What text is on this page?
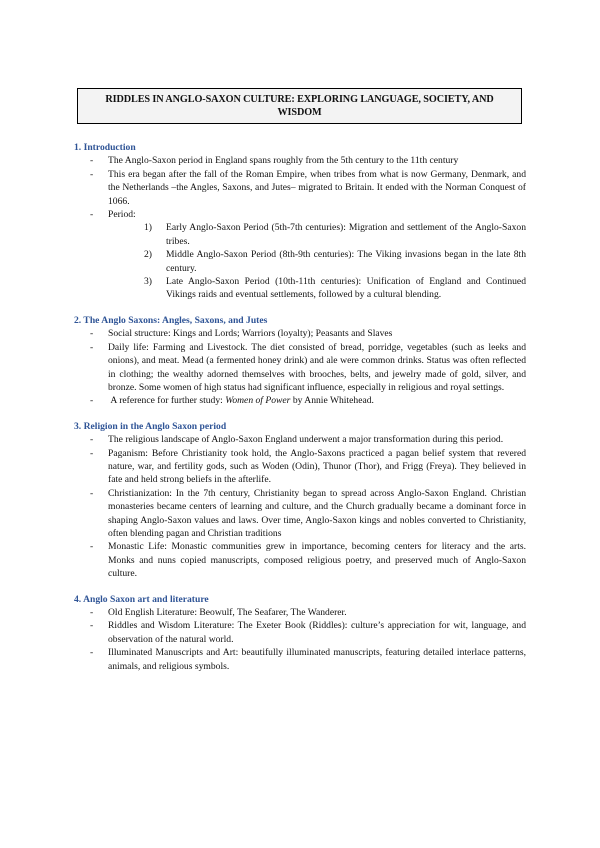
RIDDLES IN ANGLO-SAXON CULTURE: EXPLORING LANGUAGE, SOCIETY, AND WISDOM

1. Introduction

- The Anglo-Saxon period in England spans roughly from the 5th century to the 11th century
- This era began after the fall of the Roman Empire, when tribes from what is now Germany, Denmark, and the Netherlands –the Angles, Saxons, and Jutes– migrated to Britain. It ended with the Norman Conquest of 1066.
- Period:
1) Early Anglo-Saxon Period (5th-7th centuries): Migration and settlement of the Anglo-Saxon tribes.
2) Middle Anglo-Saxon Period (8th-9th centuries): The Viking invasions began in the late 8th century.
3) Late Anglo-Saxon Period (10th-11th centuries): Unification of England and Continued Vikings raids and eventual settlements, followed by a cultural blending.

2. The Anglo Saxons: Angles, Saxons, and Jutes

- Social structure: Kings and Lords; Warriors (loyalty); Peasants and Slaves
- Daily life: Farming and Livestock. The diet consisted of bread, porridge, vegetables (such as leeks and onions), and meat. Mead (a fermented honey drink) and ale were common drinks. Status was often reflected in clothing; the wealthy adorned themselves with brooches, belts, and jewelry made of gold, silver, and bronze. Some women of high status had significant influence, especially in religious and royal settings.
- A reference for further study: Women of Power by Annie Whitehead.

3. Religion in the Anglo Saxon period

- The religious landscape of Anglo-Saxon England underwent a major transformation during this period.
- Paganism: Before Christianity took hold, the Anglo-Saxons practiced a pagan belief system that revered nature, war, and fertility gods, such as Woden (Odin), Thunor (Thor), and Frigg (Freya). They believed in fate and held strong beliefs in the afterlife.
- Christianization: In the 7th century, Christianity began to spread across Anglo-Saxon England. Christian monasteries became centers of learning and culture, and the Church gradually became a dominant force in shaping Anglo-Saxon values and laws. Over time, Anglo-Saxon kings and nobles converted to Christianity, often blending pagan and Christian traditions
- Monastic Life: Monastic communities grew in importance, becoming centers for literacy and the arts. Monks and nuns copied manuscripts, composed religious poetry, and preserved much of Anglo-Saxon culture.

4. Anglo Saxon art and literature

- Old English Literature: Beowulf, The Seafarer, The Wanderer.
- Riddles and Wisdom Literature: The Exeter Book (Riddles): culture’s appreciation for wit, language, and observation of the natural world.
- Illuminated Manuscripts and Art: beautifully illuminated manuscripts, featuring detailed interlace patterns, animals, and religious symbols.
